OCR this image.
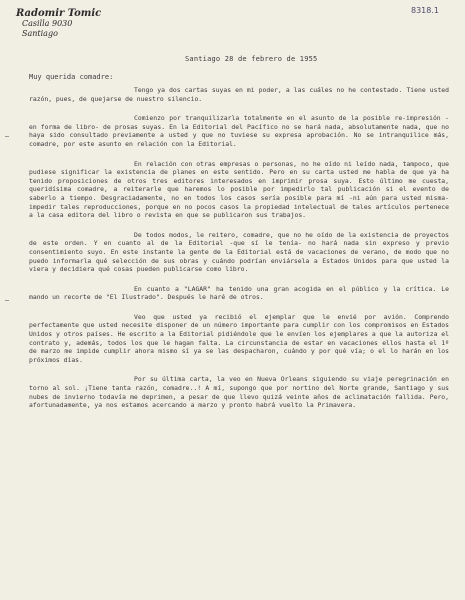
Radomir Tomic
Casilla 9030
Santiago
8318.1
Santiago 28 de febrero de 1955
Muy querida comadre:

Tengo ya dos cartas suyas en mi poder, a las cuáles no he contestado. Tiene usted razón, pues, de quejarse de nuestro silencio.

Comienzo por tranquilizarla totalmente en el asunto de la posible re-impresión -en forma de libro- de prosas suyas. En la Editorial del Pacífico no se hará nada, absolutamente nada, que no haya sido consultado previamente a usted y que no tuviese su expresa aprobación. No se intranquilice más, comadre, por este asunto en relación con la Editorial.

En relación con otras empresas o personas, no he oído ni leído nada, tampoco, que pudiese significar la existencia de planes en este sentido. Pero en su carta usted me habla de que ya ha tenido proposiciones de otros tres editores interesados en imprimir prosa suya. Esto último me cuesta, queridísima comadre, a reiterarle que haremos lo posible por impedirlo tal publicación si el evento de saberlo a tiempo. Desgraciadamente, no en todos los casos sería posible para mí -ni aún para usted misma- impedir tales reproducciones, porque en no pocos casos la propiedad intelectual de tales artículos pertenece a la casa editora del libro o revista en que se publicaron sus trabajos.

De todos modos, le reitero, comadre, que no he oído de la existencia de proyectos de este orden. Y en cuanto al de la Editorial -que sí le tenía- no hará nada sin expreso y previo consentimiento suyo. En este instante la gente de la Editorial está de vacaciones de verano, de modo que no puedo informarla qué selección de sus obras y cuándo podrían enviársela a Estados Unidos para que usted la viera y decidiera qué cosas pueden publicarse como libro.

En cuanto a "LAGAR" ha tenido una gran acogida en el público y la crítica. Le mando un recorte de "El Ilustrado". Después le haré de otros.

Veo que usted ya recibió el ejemplar que le envié por avión. Comprendo perfectamente que usted necesite disponer de un número importante para cumplir con los compromisos en Estados Unidos y otros países. He escrito a la Editorial pidiéndole que le envíen los ejemplares a que la autoriza el contrato y, además, todos los que le hagan falta. La circunstancia de estar en vacaciones ellos hasta el 1º de marzo me impide cumplir ahora mismo sí ya se las despacharon, cuándo y por qué vía; o el lo harán en los próximos días.

Por su última carta, la veo en Nueva Orleans siguiendo su viaje peregrinación en torno al sol. ¡Tiene tanta razón, comadre..! A mí, supongo que por nortino del Norte grande, Santiago y sus nubes de invierno todavía me deprimen, a pesar de que llevo quizá veinte años de aclimatación fallida. Pero, afortunadamente, ya nos estamos acercando a marzo y pronto habrá vuelto la Primavera.
